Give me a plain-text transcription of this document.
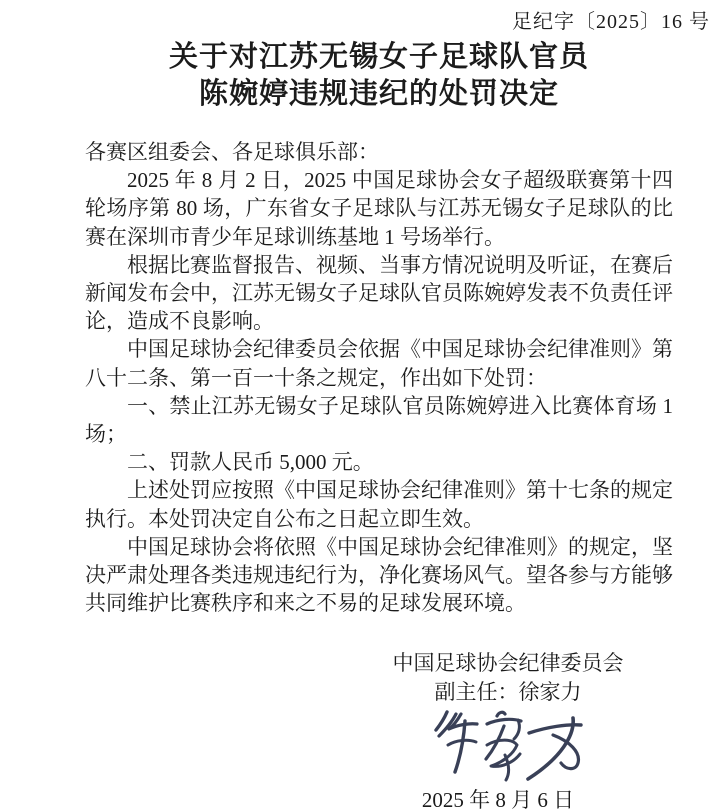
足纪字〔2025〕16 号
关于对江苏无锡女子足球队官员
陈婉婷违规违纪的处罚决定

各赛区组委会、各足球俱乐部：

2025 年 8 月 2 日，2025 中国足球协会女子超级联赛第十四轮场序第 80 场，广东省女子足球队与江苏无锡女子足球队的比赛在深圳市青少年足球训练基地 1 号场举行。

根据比赛监督报告、视频、当事方情况说明及听证，在赛后新闻发布会中，江苏无锡女子足球队官员陈婉婷发表不负责任评论，造成不良影响。

中国足球协会纪律委员会依据《中国足球协会纪律准则》第八十二条、第一百一十条之规定，作出如下处罚：

一、禁止江苏无锡女子足球队官员陈婉婷进入比赛体育场 1 场；

二、罚款人民币 5,000 元。

上述处罚应按照《中国足球协会纪律准则》第十七条的规定执行。本处罚决定自公布之日起立即生效。

中国足球协会将依照《中国足球协会纪律准则》的规定，坚决严肃处理各类违规违纪行为，净化赛场风气。望各参与方能够共同维护比赛秩序和来之不易的足球发展环境。

中国足球协会纪律委员会
副主任：徐家力
2025 年 8 月 6 日
